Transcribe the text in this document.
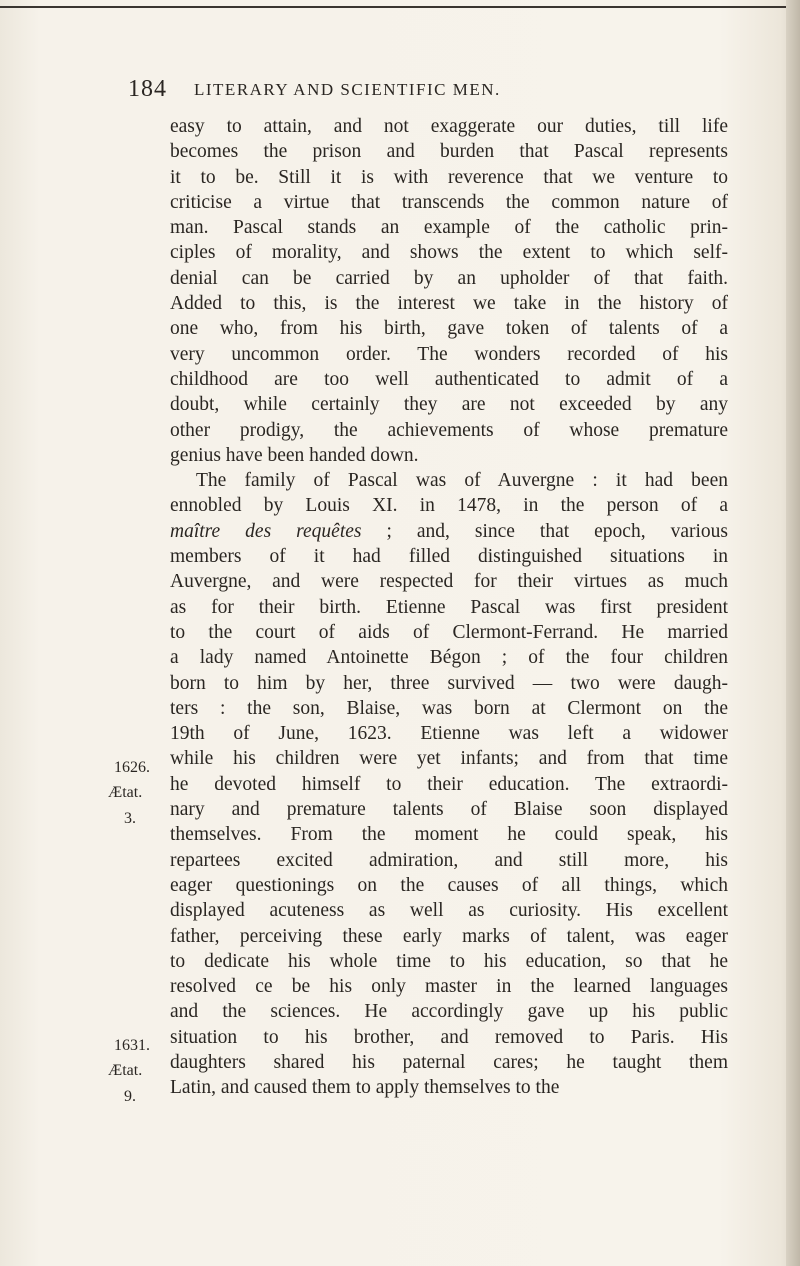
184 LITERARY AND SCIENTIFIC MEN.
easy to attain, and not exaggerate our duties, till life
becomes the prison and burden that Pascal represents
it to be. Still it is with reverence that we venture to
criticise a virtue that transcends the common nature of
man. Pascal stands an example of the catholic prin-
ciples of morality, and shows the extent to which self-
denial can be carried by an upholder of that faith.
Added to this, is the interest we take in the history of
one who, from his birth, gave token of talents of a
very uncommon order. The wonders recorded of his
childhood are too well authenticated to admit of a
doubt, while certainly they are not exceeded by any
other prodigy, the achievements of whose premature
genius have been handed down.
The family of Pascal was of Auvergne : it had been
ennobled by Louis XI. in 1478, in the person of a
maître des requêtes ; and, since that epoch, various
members of it had filled distinguished situations in
Auvergne, and were respected for their virtues as much
as for their birth. Etienne Pascal was first president
to the court of aids of Clermont-Ferrand. He married
a lady named Antoinette Bégon ; of the four children
born to him by her, three survived — two were daugh-
ters : the son, Blaise, was born at Clermont on the
19th of June, 1623. Etienne was left a widower
while his children were yet infants; and from that time
he devoted himself to their education. The extraordi-
nary and premature talents of Blaise soon displayed
themselves. From the moment he could speak, his
repartees excited admiration, and still more, his
eager questionings on the causes of all things, which
displayed acuteness as well as curiosity. His excellent
father, perceiving these early marks of talent, was eager
to dedicate his whole time to his education, so that he
resolved ce be his only master in the learned languages
and the sciences. He accordingly gave up his public
situation to his brother, and removed to Paris. His
daughters shared his paternal cares; he taught them
Latin, and caused them to apply themselves to the
1626.
Ætat.
3.
1631.
Ætat.
9.
